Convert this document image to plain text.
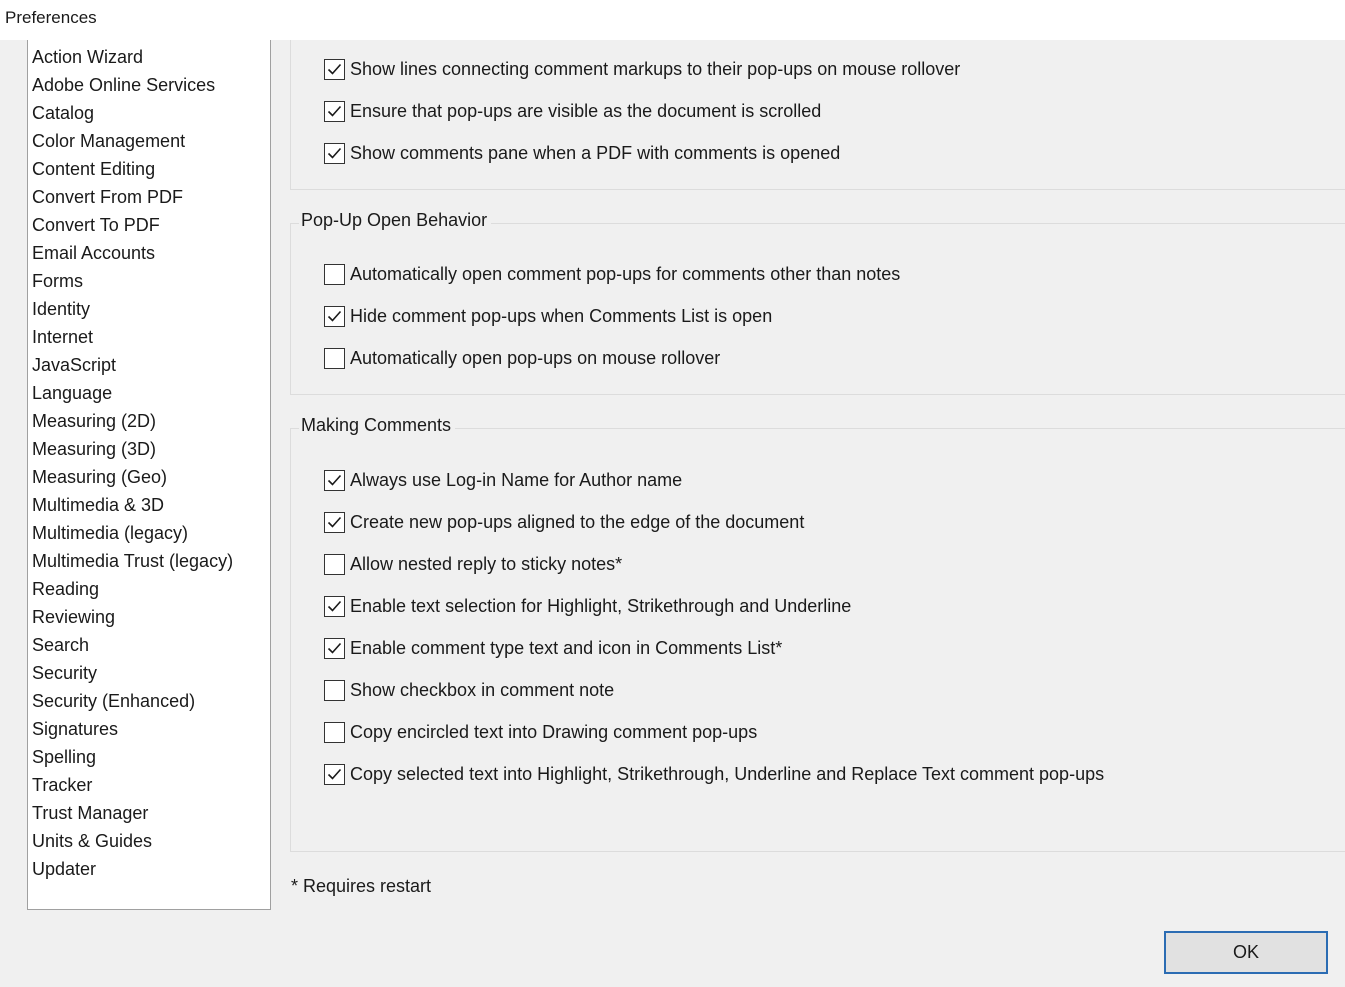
Preferences
Action Wizard
Adobe Online Services
Catalog
Color Management
Content Editing
Convert From PDF
Convert To PDF
Email Accounts
Forms
Identity
Internet
JavaScript
Language
Measuring (2D)
Measuring (3D)
Measuring (Geo)
Multimedia & 3D
Multimedia (legacy)
Multimedia Trust (legacy)
Reading
Reviewing
Search
Security
Security (Enhanced)
Signatures
Spelling
Tracker
Trust Manager
Units & Guides
Updater
Show lines connecting comment markups to their pop-ups on mouse rollover
Ensure that pop-ups are visible as the document is scrolled
Show comments pane when a PDF with comments is opened
Pop-Up Open Behavior
Automatically open comment pop-ups for comments other than notes
Hide comment pop-ups when Comments List is open
Automatically open pop-ups on mouse rollover
Making Comments
Always use Log-in Name for Author name
Create new pop-ups aligned to the edge of the document
Allow nested reply to sticky notes*
Enable text selection for Highlight, Strikethrough and Underline
Enable comment type text and icon in Comments List*
Show checkbox in comment note
Copy encircled text into Drawing comment pop-ups
Copy selected text into Highlight, Strikethrough, Underline and Replace Text comment pop-ups
* Requires restart
OK
